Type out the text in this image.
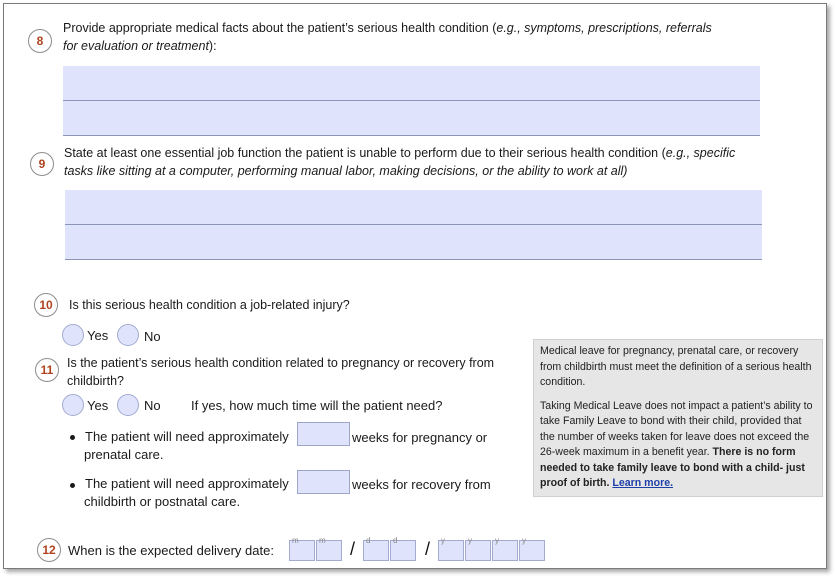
8
Provide appropriate medical facts about the patient’s serious health condition (e.g., symptoms, prescriptions, referrals for evaluation or treatment):
9
State at least one essential job function the patient is unable to perform due to their serious health condition (e.g., specific tasks like sitting at a computer, performing manual labor, making decisions, or the ability to work at all)
10	Is this serious health condition a job-related injury?
Yes	No
11	Is the patient’s serious health condition related to pregnancy or recovery from childbirth?
Yes	No If yes, how much time will the patient need?
The patient will need approximately	weeks for pregnancy or prenatal care.
The patient will need approximately	weeks for recovery from childbirth or postnatal care.

Medical leave for pregnancy, prenatal care, or recovery from childbirth must meet the definition of a serious health condition.

Taking Medical Leave does not impact a patient’s ability to take Family Leave to bond with their child, provided that the number of weeks taken for leave does not exceed the 26-week maximum in a benefit year. There is no form needed to take family leave to bond with a child- just proof of birth. Learn more.

12 When is the expected delivery date:
m	m / d	d / y	y	y	y
